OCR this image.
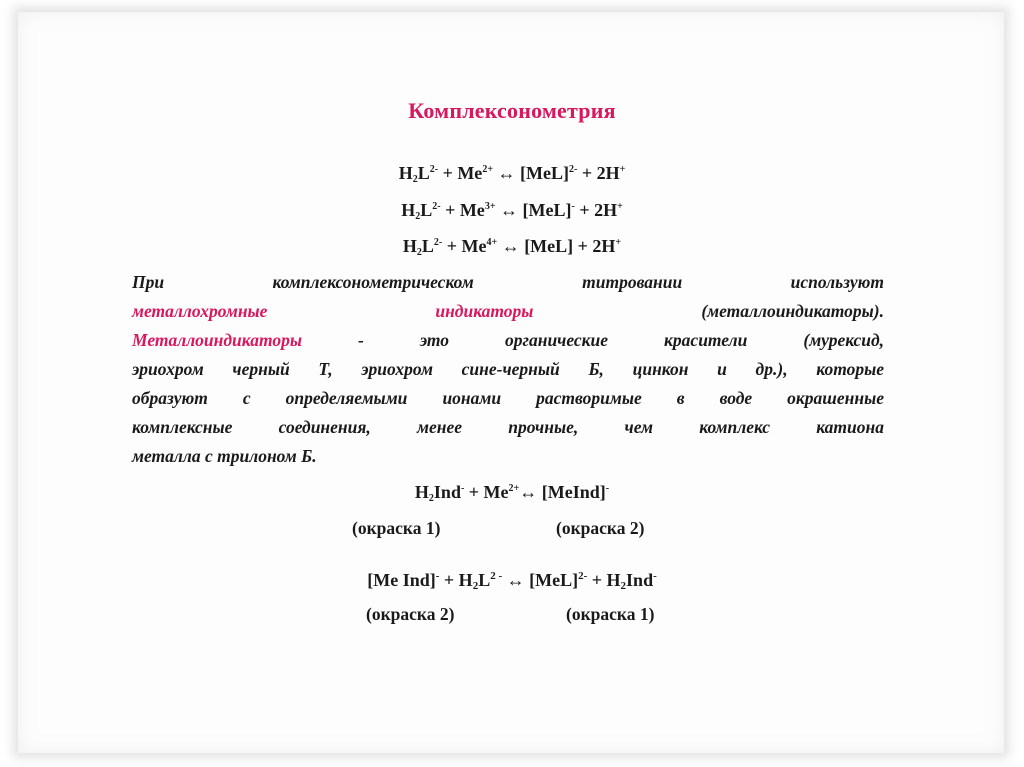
Комплексонометрия
$H_2L^{2-} + Me^{2+}$ ↔ [MeL]$^{2-}$ + 2H+
$H_2L^{2-} + Me^{3+}$ ↔ [MeL]- + 2H+
$H_2L^{2-} + Me^{4+}$ ↔ [MeL] + 2H+
При комплексонометрическом титровании используют
металлохромные	индикаторы	(металлоиндикаторы).
Металлоиндикаторы - это органические красители (мурексид,
эриохром черный Т, эриохром сине-черный Б, цинкон и др.), которые
образуют с определяемыми ионами растворимые в воде окрашенные
комплексные соединения, менее прочные, чем комплекс катиона
металла с трилоном Б.
$H_2Ind^-$ + $Me^{2+}\leftrightarrow$ [MeInd]-
(окраска 1)	(окраска 2)
[Me $Ind]^- + H_2L^{2 -}$ ↔ $[MeL]^{2-} + H_2Ind^-$
(окраска 2)	(окраска 1)
